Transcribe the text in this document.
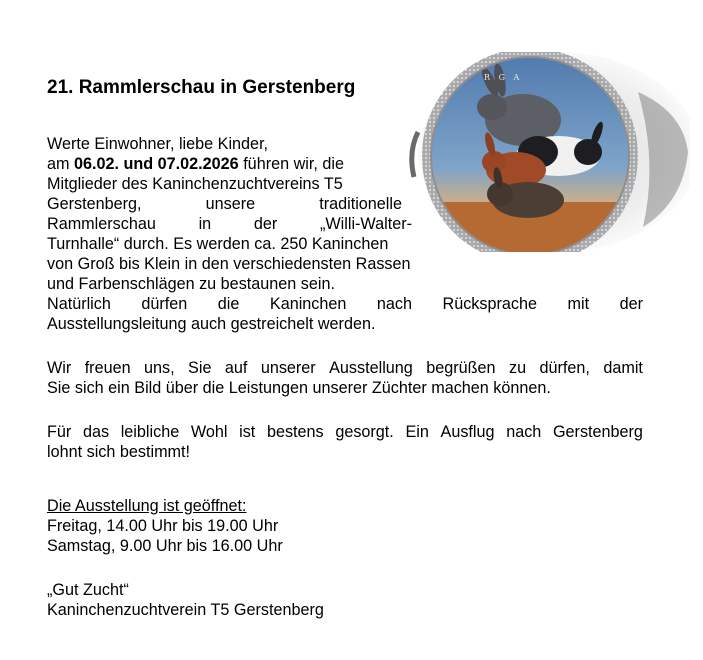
21. Rammlerschau in Gerstenberg	R G A

Werte Einwohner, liebe Kinder,

am 06.02. und 07.02.2026 führen wir, die

Mitglieder des Kaninchenzuchtvereins T5

Gerstenberg,	unsere	traditionelle
Rammlerschau	in	der	„Willi-Walter-

Turnhalle“ durch. Es werden ca. 250 Kaninchen

von Groß bis Klein in den verschiedensten Rassen

und Farbenschlägen zu bestaunen sein.

Natürlich dürfen die Kaninchen nach Rücksprache mit der

Ausstellungsleitung auch gestreichelt werden.

Wir freuen uns, Sie auf unserer Ausstellung begrüßen zu dürfen, damit

Sie sich ein Bild über die Leistungen unserer Züchter machen können.

Für das leibliche Wohl ist bestens gesorgt. Ein Ausflug nach Gerstenberg

lohnt sich bestimmt!

Die Ausstellung ist geöffnet:

Freitag, 14.00 Uhr bis 19.00 Uhr

Samstag, 9.00 Uhr bis 16.00 Uhr

„Gut Zucht“

Kaninchenzuchtverein T5 Gerstenberg
